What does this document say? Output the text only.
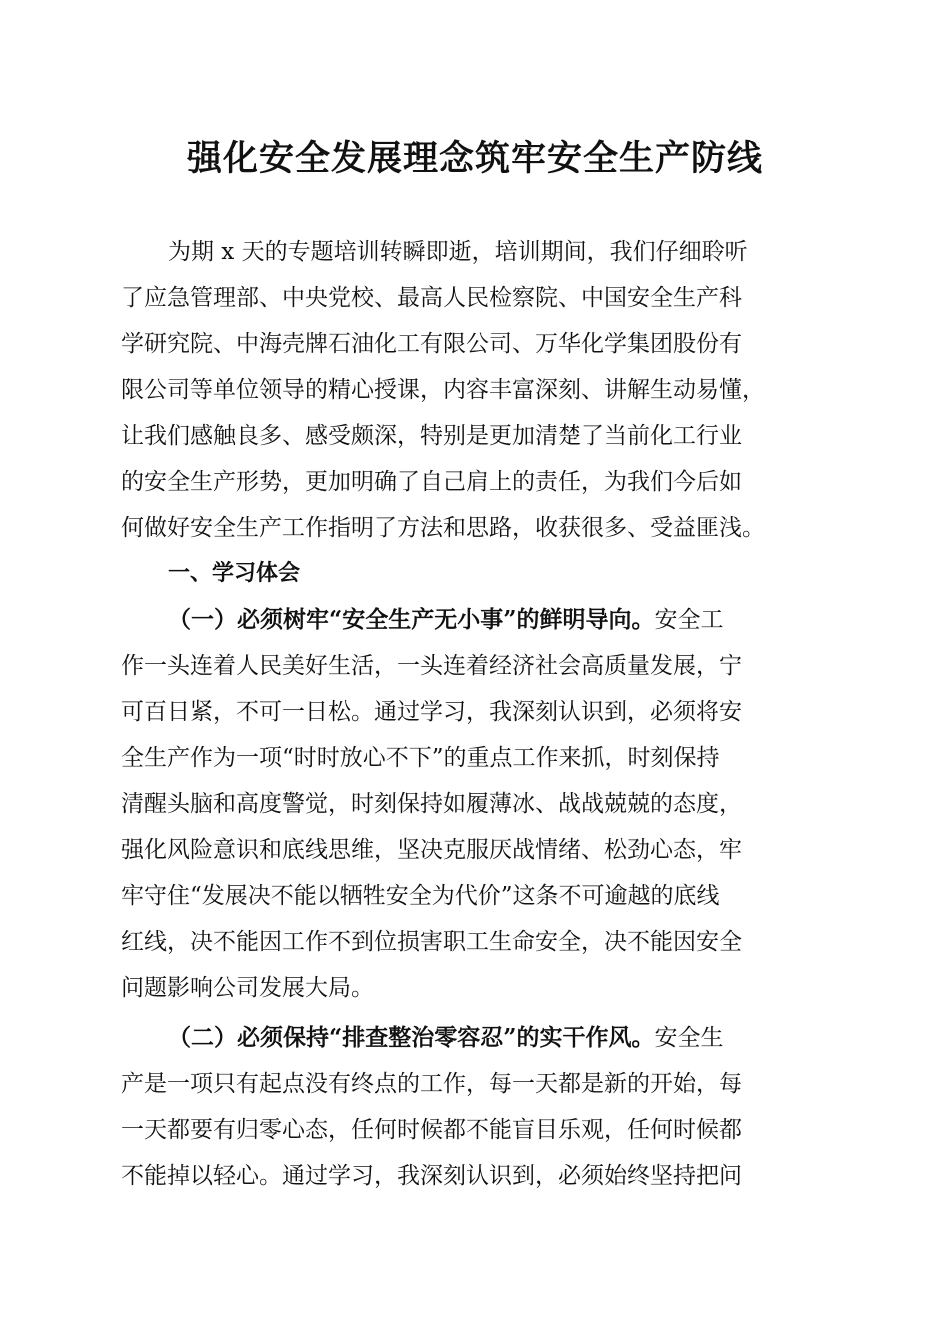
强化安全发展理念筑牢安全生产防线
为期 x 天的专题培训转瞬即逝，培训期间，我们仔细聆听
了应急管理部、中央党校、最高人民检察院、中国安全生产科
学研究院、中海壳牌石油化工有限公司、万华化学集团股份有
限公司等单位领导的精心授课，内容丰富深刻、讲解生动易懂，
让我们感触良多、感受颇深，特别是更加清楚了当前化工行业
的安全生产形势，更加明确了自己肩上的责任，为我们今后如
何做好安全生产工作指明了方法和思路，收获很多、受益匪浅。
一、学习体会
（一）必须树牢“安全生产无小事”的鲜明导向。安全工
作一头连着人民美好生活，一头连着经济社会高质量发展，宁
可百日紧，不可一日松。通过学习，我深刻认识到，必须将安
全生产作为一项“时时放心不下”的重点工作来抓，时刻保持
清醒头脑和高度警觉，时刻保持如履薄冰、战战兢兢的态度，
强化风险意识和底线思维，坚决克服厌战情绪、松劲心态，牢
牢守住“发展决不能以牺牲安全为代价”这条不可逾越的底线
红线，决不能因工作不到位损害职工生命安全，决不能因安全
问题影响公司发展大局。
（二）必须保持“排查整治零容忍”的实干作风。安全生
产是一项只有起点没有终点的工作，每一天都是新的开始，每
一天都要有归零心态，任何时候都不能盲目乐观，任何时候都
不能掉以轻心。通过学习，我深刻认识到，必须始终坚持把问
